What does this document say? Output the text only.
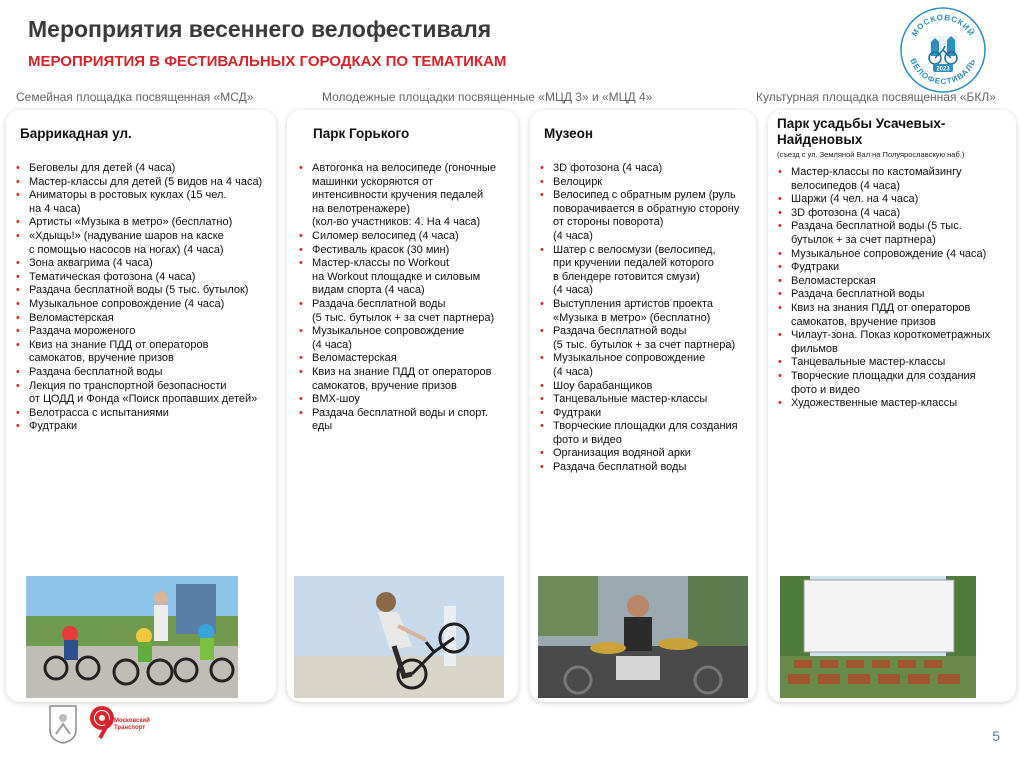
Мероприятия весеннего велофестиваля
МЕРОПРИЯТИЯ В ФЕСТИВАЛЬНЫХ ГОРОДКАХ ПО ТЕМАТИКАМ
МОСКОВСКИЙ
ВЕЛОФЕСТИВАЛЬ
2023
Семейная площадка посвященная «МСД»	Молодежные площадки посвященные «МЦД 3» и «МЦД 4»	Культурная площадка посвященная «БКЛ»
Баррикадная ул.
• Беговелы для детей (4 часа)
• Мастер-классы для детей (5 видов на 4 часа)
• Аниматоры в ростовых куклах (15 чел.
на 4 часа)
• Артисты «Музыка в метро» (бесплатно)
• «Хдыщь!» (надувание шаров на каске
с помощью насосов на ногах) (4 часа)
• Зона аквагрима (4 часа)
• Тематическая фотозона (4 часа)
• Раздача бесплатной воды (5 тыс. бутылок)
• Музыкальное сопровождение (4 часа)
• Веломастерская
• Раздача мороженого
• Квиз на знание ПДД от операторов
самокатов, вручение призов
• Раздача бесплатной воды
• Лекция по транспортной безопасности
от ЦОДД и Фонда «Поиск пропавших детей»
• Велотрасса с испытаниями
• Фудтраки
Парк Горького
• Автогонка на велосипеде (гоночные
машинки ускоряются от
интенсивности кручения педалей
на велотренажере)
(кол-во участников: 4. На 4 часа)
• Силомер велосипед (4 часа)
• Фестиваль красок (30 мин)
• Мастер-классы по Workout
на Workout площадке и силовым
видам спорта (4 часа)
• Раздача бесплатной воды
(5 тыс. бутылок + за счет партнера)
• Музыкальное сопровождение
(4 часа)
• Веломастерская
• Квиз на знание ПДД от операторов
самокатов, вручение призов
• BMX-шоу
• Раздача бесплатной воды и спорт.
еды
Музеон
• 3D фотозона (4 часа)
• Велоцирк
• Велосипед с обратным рулем (руль
поворачивается в обратную сторону
от стороны поворота)
(4 часа)
• Шатер с велосмузи (велосипед,
при кручении педалей которого
в блендере готовится смузи)
(4 часа)
• Выступления артистов проекта
«Музыка в метро» (бесплатно)
• Раздача бесплатной воды
(5 тыс. бутылок + за счет партнера)
• Музыкальное сопровождение
(4 часа)
• Шоу барабанщиков
• Танцевальные мастер-классы
• Фудтраки
• Творческие площадки для создания
фото и видео
• Организация водяной арки
• Раздача бесплатной воды
Парк усадьбы Усачевых-Найденовых
(съезд с ул. Земляной Вал на Полуярославскую наб.)
• Мастер-классы по кастомайзингу
велосипедов (4 часа)
• Шаржи (4 чел. на 4 часа)
• 3D фотозона (4 часа)
• Раздача бесплатной воды (5 тыс.
бутылок + за счет партнера)
• Музыкальное сопровождение (4 часа)
• Фудтраки
• Веломастерская
• Раздача бесплатной воды
• Квиз на знания ПДД от операторов
самокатов, вручение призов
• Чилаут-зона. Показ короткометражных
фильмов
• Танцевальные мастер-классы
• Творческие площадки для создания
фото и видео
• Художественные мастер-классы
Московский
Транспорт	5
